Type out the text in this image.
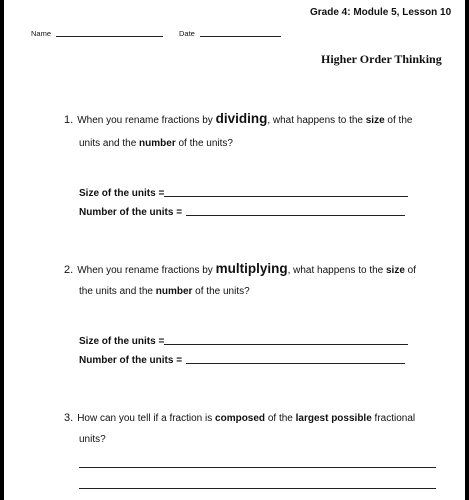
Grade 4: Module 5, Lesson 10
Name	Date
Higher Order Thinking
1. When you rename fractions by dividing, what happens to the size of the
units and the number of the units?
Size of the units =
Number of the units =
2. When you rename fractions by multiplying, what happens to the size of
the units and the number of the units?
Size of the units =
Number of the units =
3. How can you tell if a fraction is composed of the largest possible fractional
units?
